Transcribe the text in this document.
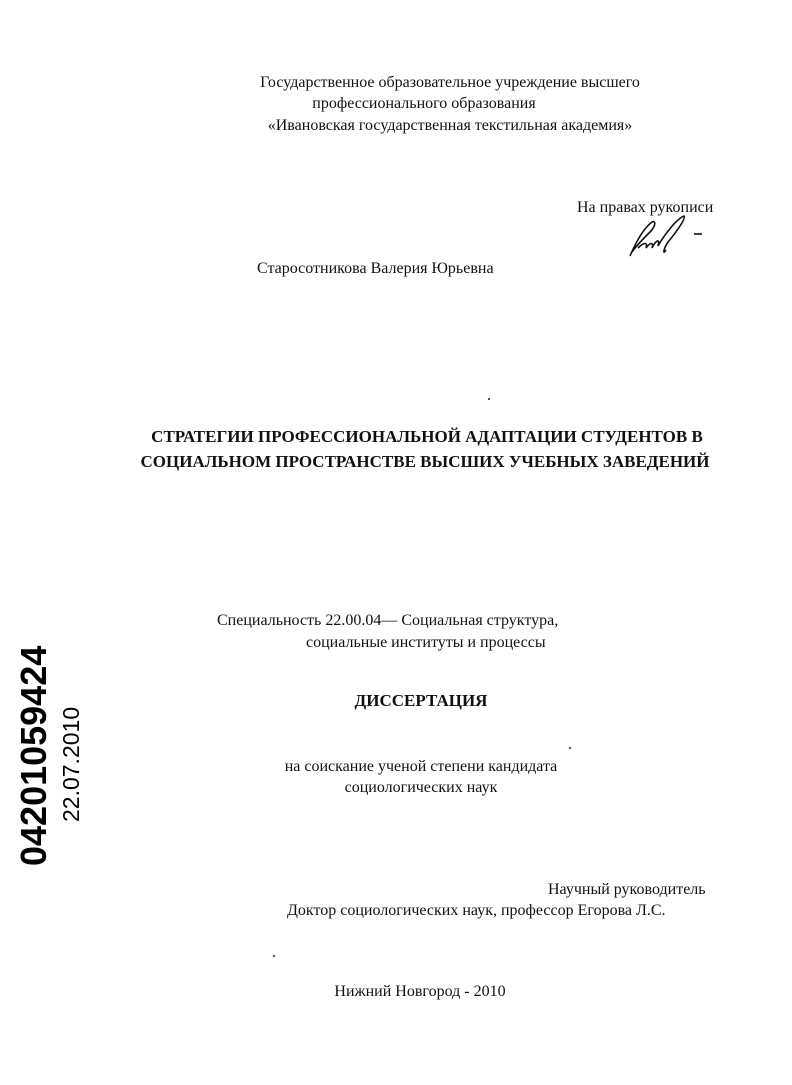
Государственное образовательное учреждение высшего
профессионального образования
«Ивановская государственная текстильная академия»
На правах рукописи
Старосотникова Валерия Юрьевна
СТРАТЕГИИ ПРОФЕССИОНАЛЬНОЙ АДАПТАЦИИ СТУДЕНТОВ В
СОЦИАЛЬНОМ ПРОСТРАНСТВЕ ВЫСШИХ УЧЕБНЫХ ЗАВЕДЕНИЙ
Специальность 22.00.04— Социальная структура,
социальные институты и процессы
ДИССЕРТАЦИЯ
на соискание ученой степени кандидата
социологических наук
Научный руководитель
Доктор социологических наук, профессор Егорова Л.С.
Нижний Новгород - 2010
04201059424 22.07.2010
